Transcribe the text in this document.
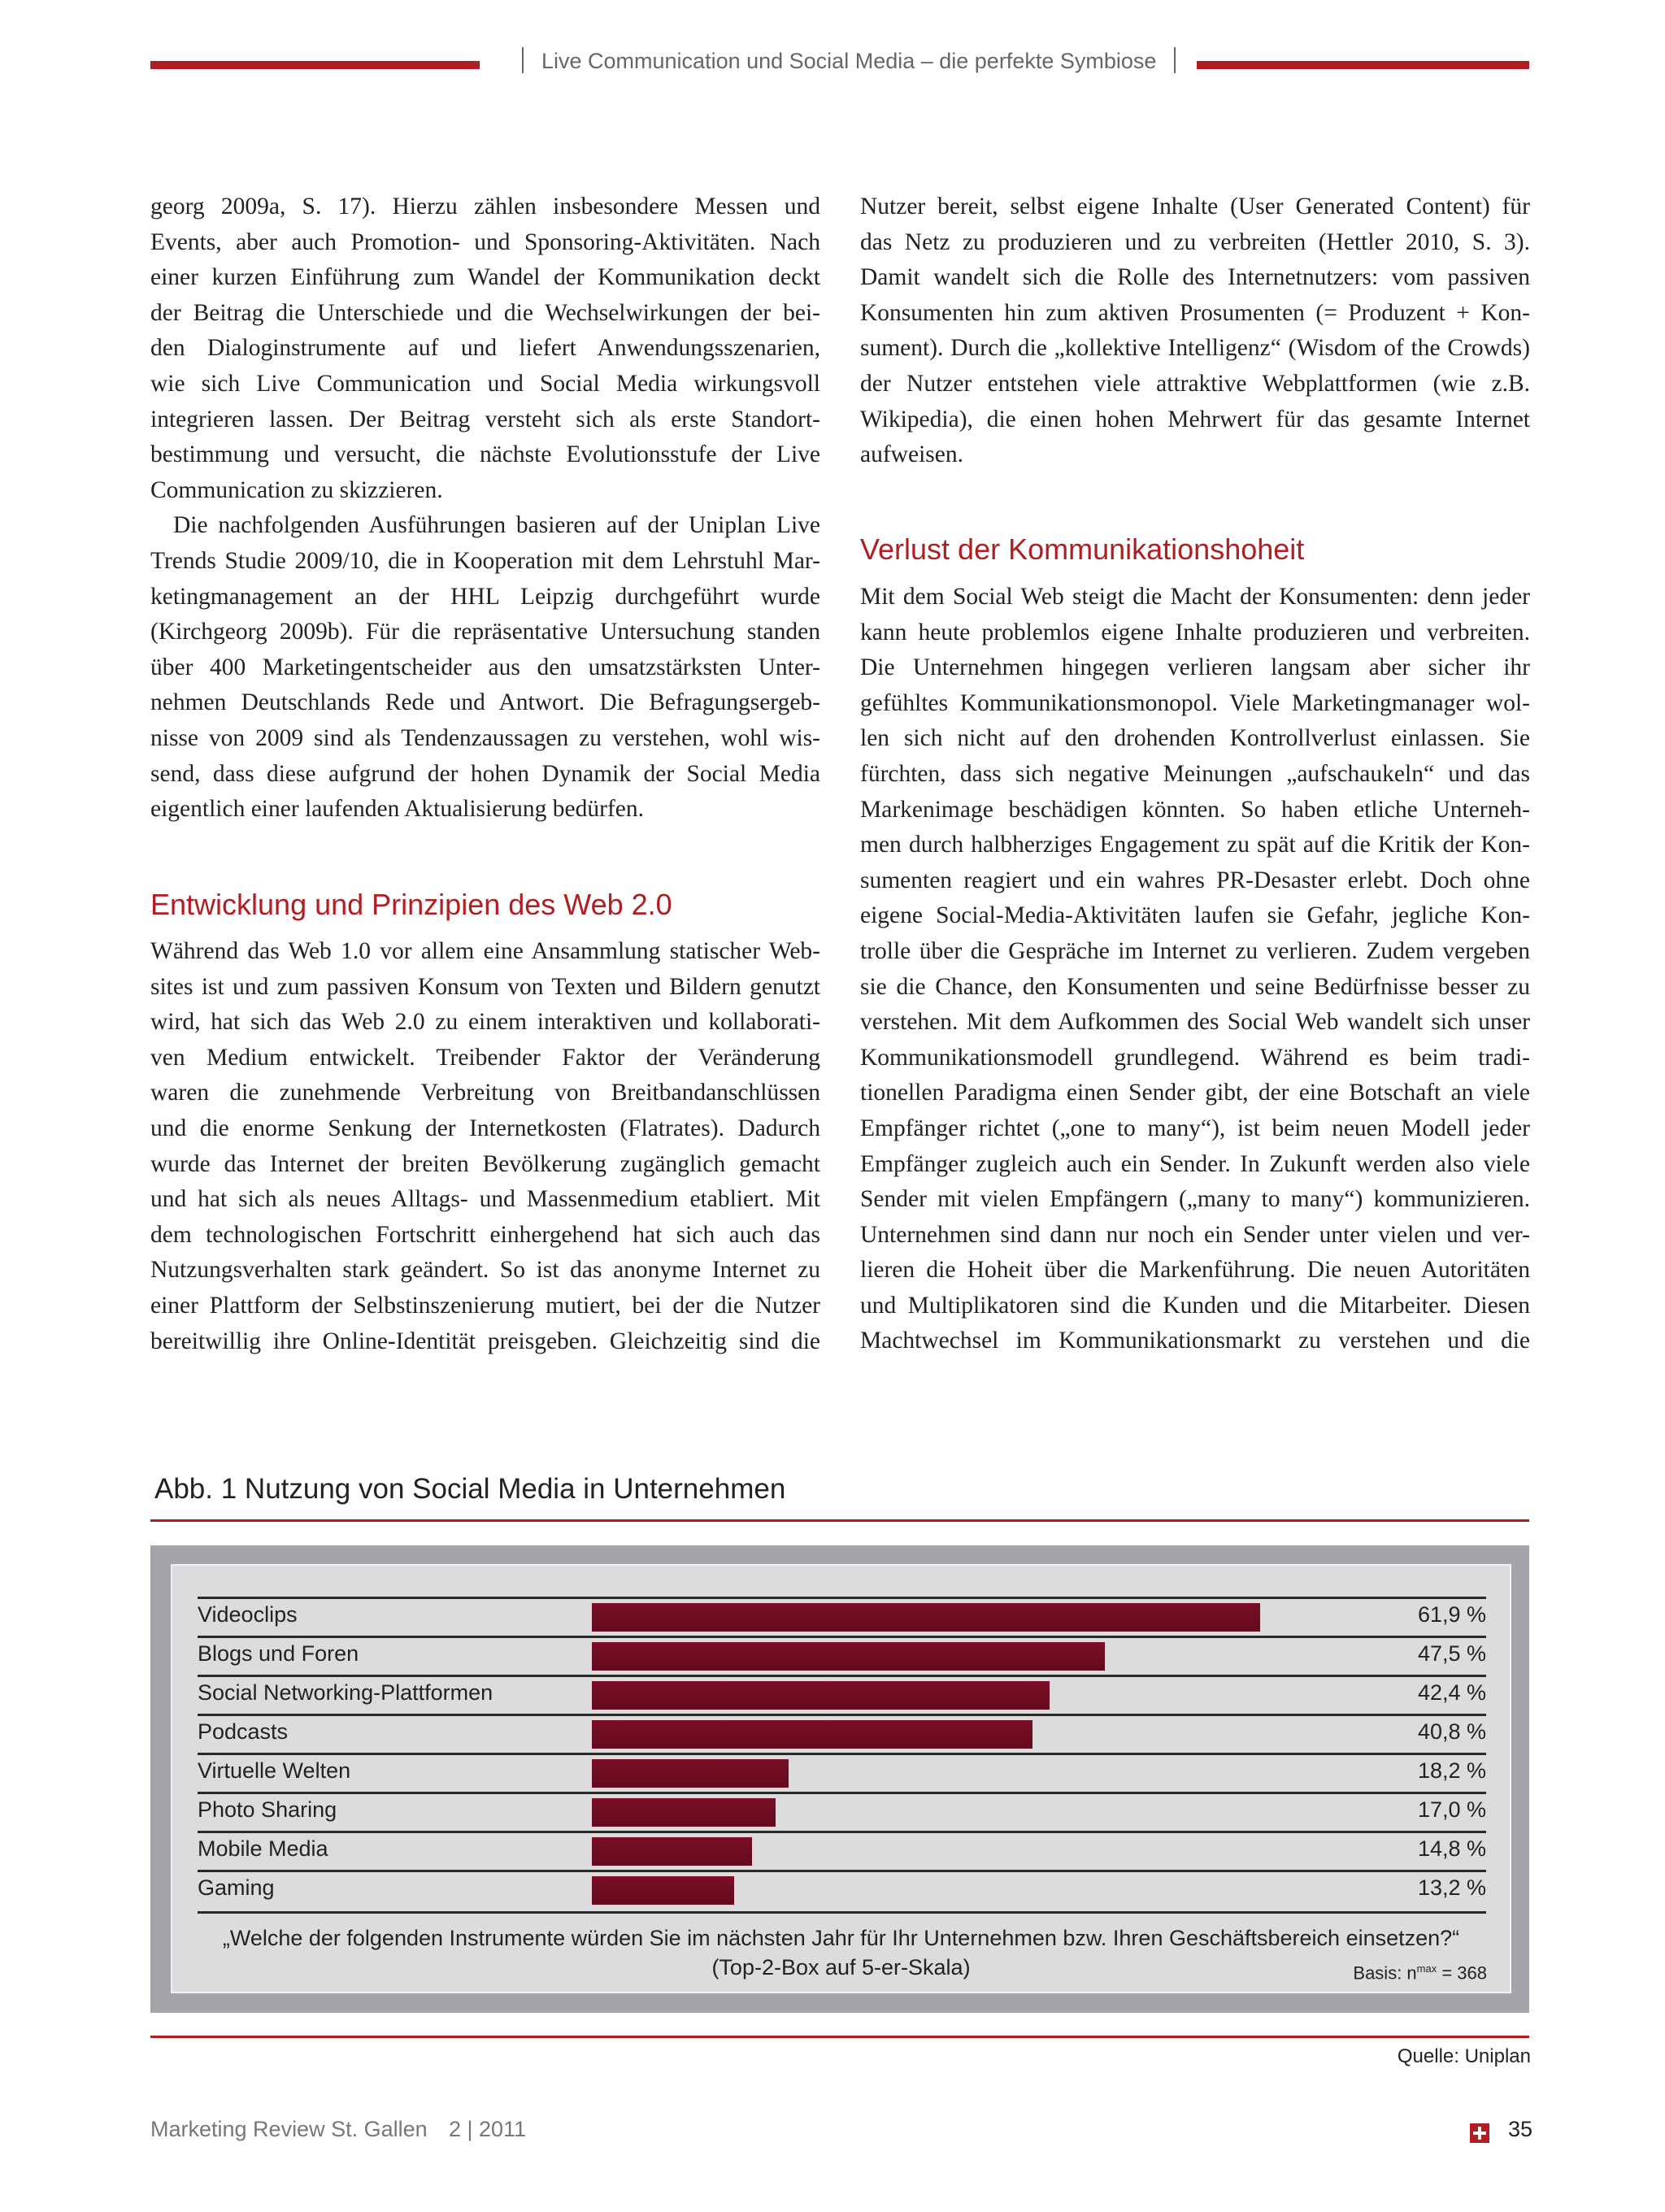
Live Communication und Social Media – die perfekte Symbiose
georg 2009a, S. 17). Hierzu zählen insbesondere Messen und
Events, aber auch Promotion- und Sponsoring-Aktivitäten. Nach
einer kurzen Einführung zum Wandel der Kommunikation deckt
der Beitrag die Unterschiede und die Wechselwirkungen der bei-
den Dialoginstrumente auf und liefert Anwendungsszenarien,
wie sich Live Communication und Social Media wirkungsvoll
integrieren lassen. Der Beitrag versteht sich als erste Standort-
bestimmung und versucht, die nächste Evolutionsstufe der Live
Communication zu skizzieren.
Die nachfolgenden Ausführungen basieren auf der Uniplan Live
Trends Studie 2009/10, die in Kooperation mit dem Lehrstuhl Mar-
ketingmanagement an der HHL Leipzig durchgeführt wurde
(Kirchgeorg 2009b). Für die repräsentative Untersuchung standen
über 400 Marketingentscheider aus den umsatzstärksten Unter-
nehmen Deutschlands Rede und Antwort. Die Befragungsergeb-
nisse von 2009 sind als Tendenzaussagen zu verstehen, wohl wis-
send, dass diese aufgrund der hohen Dynamik der Social Media
eigentlich einer laufenden Aktualisierung bedürfen.
Entwicklung und Prinzipien des Web 2.0
Während das Web 1.0 vor allem eine Ansammlung statischer Web-
sites ist und zum passiven Konsum von Texten und Bildern genutzt
wird, hat sich das Web 2.0 zu einem interaktiven und kollaborati-
ven Medium entwickelt. Treibender Faktor der Veränderung
waren die zunehmende Verbreitung von Breitbandanschlüssen
und die enorme Senkung der Internetkosten (Flatrates). Dadurch
wurde das Internet der breiten Bevölkerung zugänglich gemacht
und hat sich als neues Alltags- und Massenmedium etabliert. Mit
dem technologischen Fortschritt einhergehend hat sich auch das
Nutzungsverhalten stark geändert. So ist das anonyme Internet zu
einer Plattform der Selbstinszenierung mutiert, bei der die Nutzer
bereitwillig ihre Online-Identität preisgeben. Gleichzeitig sind die
Nutzer bereit, selbst eigene Inhalte (User Generated Content) für
das Netz zu produzieren und zu verbreiten (Hettler 2010, S. 3).
Damit wandelt sich die Rolle des Internetnutzers: vom passiven
Konsumenten hin zum aktiven Prosumenten (= Produzent + Kon-
sument). Durch die „kollektive Intelligenz“ (Wisdom of the Crowds)
der Nutzer entstehen viele attraktive Webplattformen (wie z.B.
Wikipedia), die einen hohen Mehrwert für das gesamte Internet
aufweisen.
Verlust der Kommunikationshoheit
Mit dem Social Web steigt die Macht der Konsumenten: denn jeder
kann heute problemlos eigene Inhalte produzieren und verbreiten.
Die Unternehmen hingegen verlieren langsam aber sicher ihr
gefühltes Kommunikationsmonopol. Viele Marketingmanager wol-
len sich nicht auf den drohenden Kontrollverlust einlassen. Sie
fürchten, dass sich negative Meinungen „aufschaukeln“ und das
Markenimage beschädigen könnten. So haben etliche Unterneh-
men durch halbherziges Engagement zu spät auf die Kritik der Kon-
sumenten reagiert und ein wahres PR-Desaster erlebt. Doch ohne
eigene Social-Media-Aktivitäten laufen sie Gefahr, jegliche Kon-
trolle über die Gespräche im Internet zu verlieren. Zudem vergeben
sie die Chance, den Konsumenten und seine Bedürfnisse besser zu
verstehen. Mit dem Aufkommen des Social Web wandelt sich unser
Kommunikationsmodell grundlegend. Während es beim tradi-
tionellen Paradigma einen Sender gibt, der eine Botschaft an viele
Empfänger richtet („one to many“), ist beim neuen Modell jeder
Empfänger zugleich auch ein Sender. In Zukunft werden also viele
Sender mit vielen Empfängern („many to many“) kommunizieren.
Unternehmen sind dann nur noch ein Sender unter vielen und ver-
lieren die Hoheit über die Markenführung. Die neuen Autoritäten
und Multiplikatoren sind die Kunden und die Mitarbeiter. Diesen
Machtwechsel im Kommunikationsmarkt zu verstehen und die
Abb. 1 Nutzung von Social Media in Unternehmen
„Welche der folgenden Instrumente würden Sie im nächsten Jahr für Ihr Unternehmen bzw. Ihren Geschäftsbereich einsetzen?“
(Top-2-Box auf 5-er-Skala)	Basis: $n^{max} = 368$
Videoclips	61,9 %
Blogs und Foren	47,5 %
Social Networking-Plattformen	42,4 %
Podcasts	40,8 %
Virtuelle Welten	18,2 %
Photo Sharing	17,0 %
Mobile Media	14,8 %
Gaming	13,2 %
Quelle: Uniplan
Marketing Review St. Gallen 2 | 2011	35
